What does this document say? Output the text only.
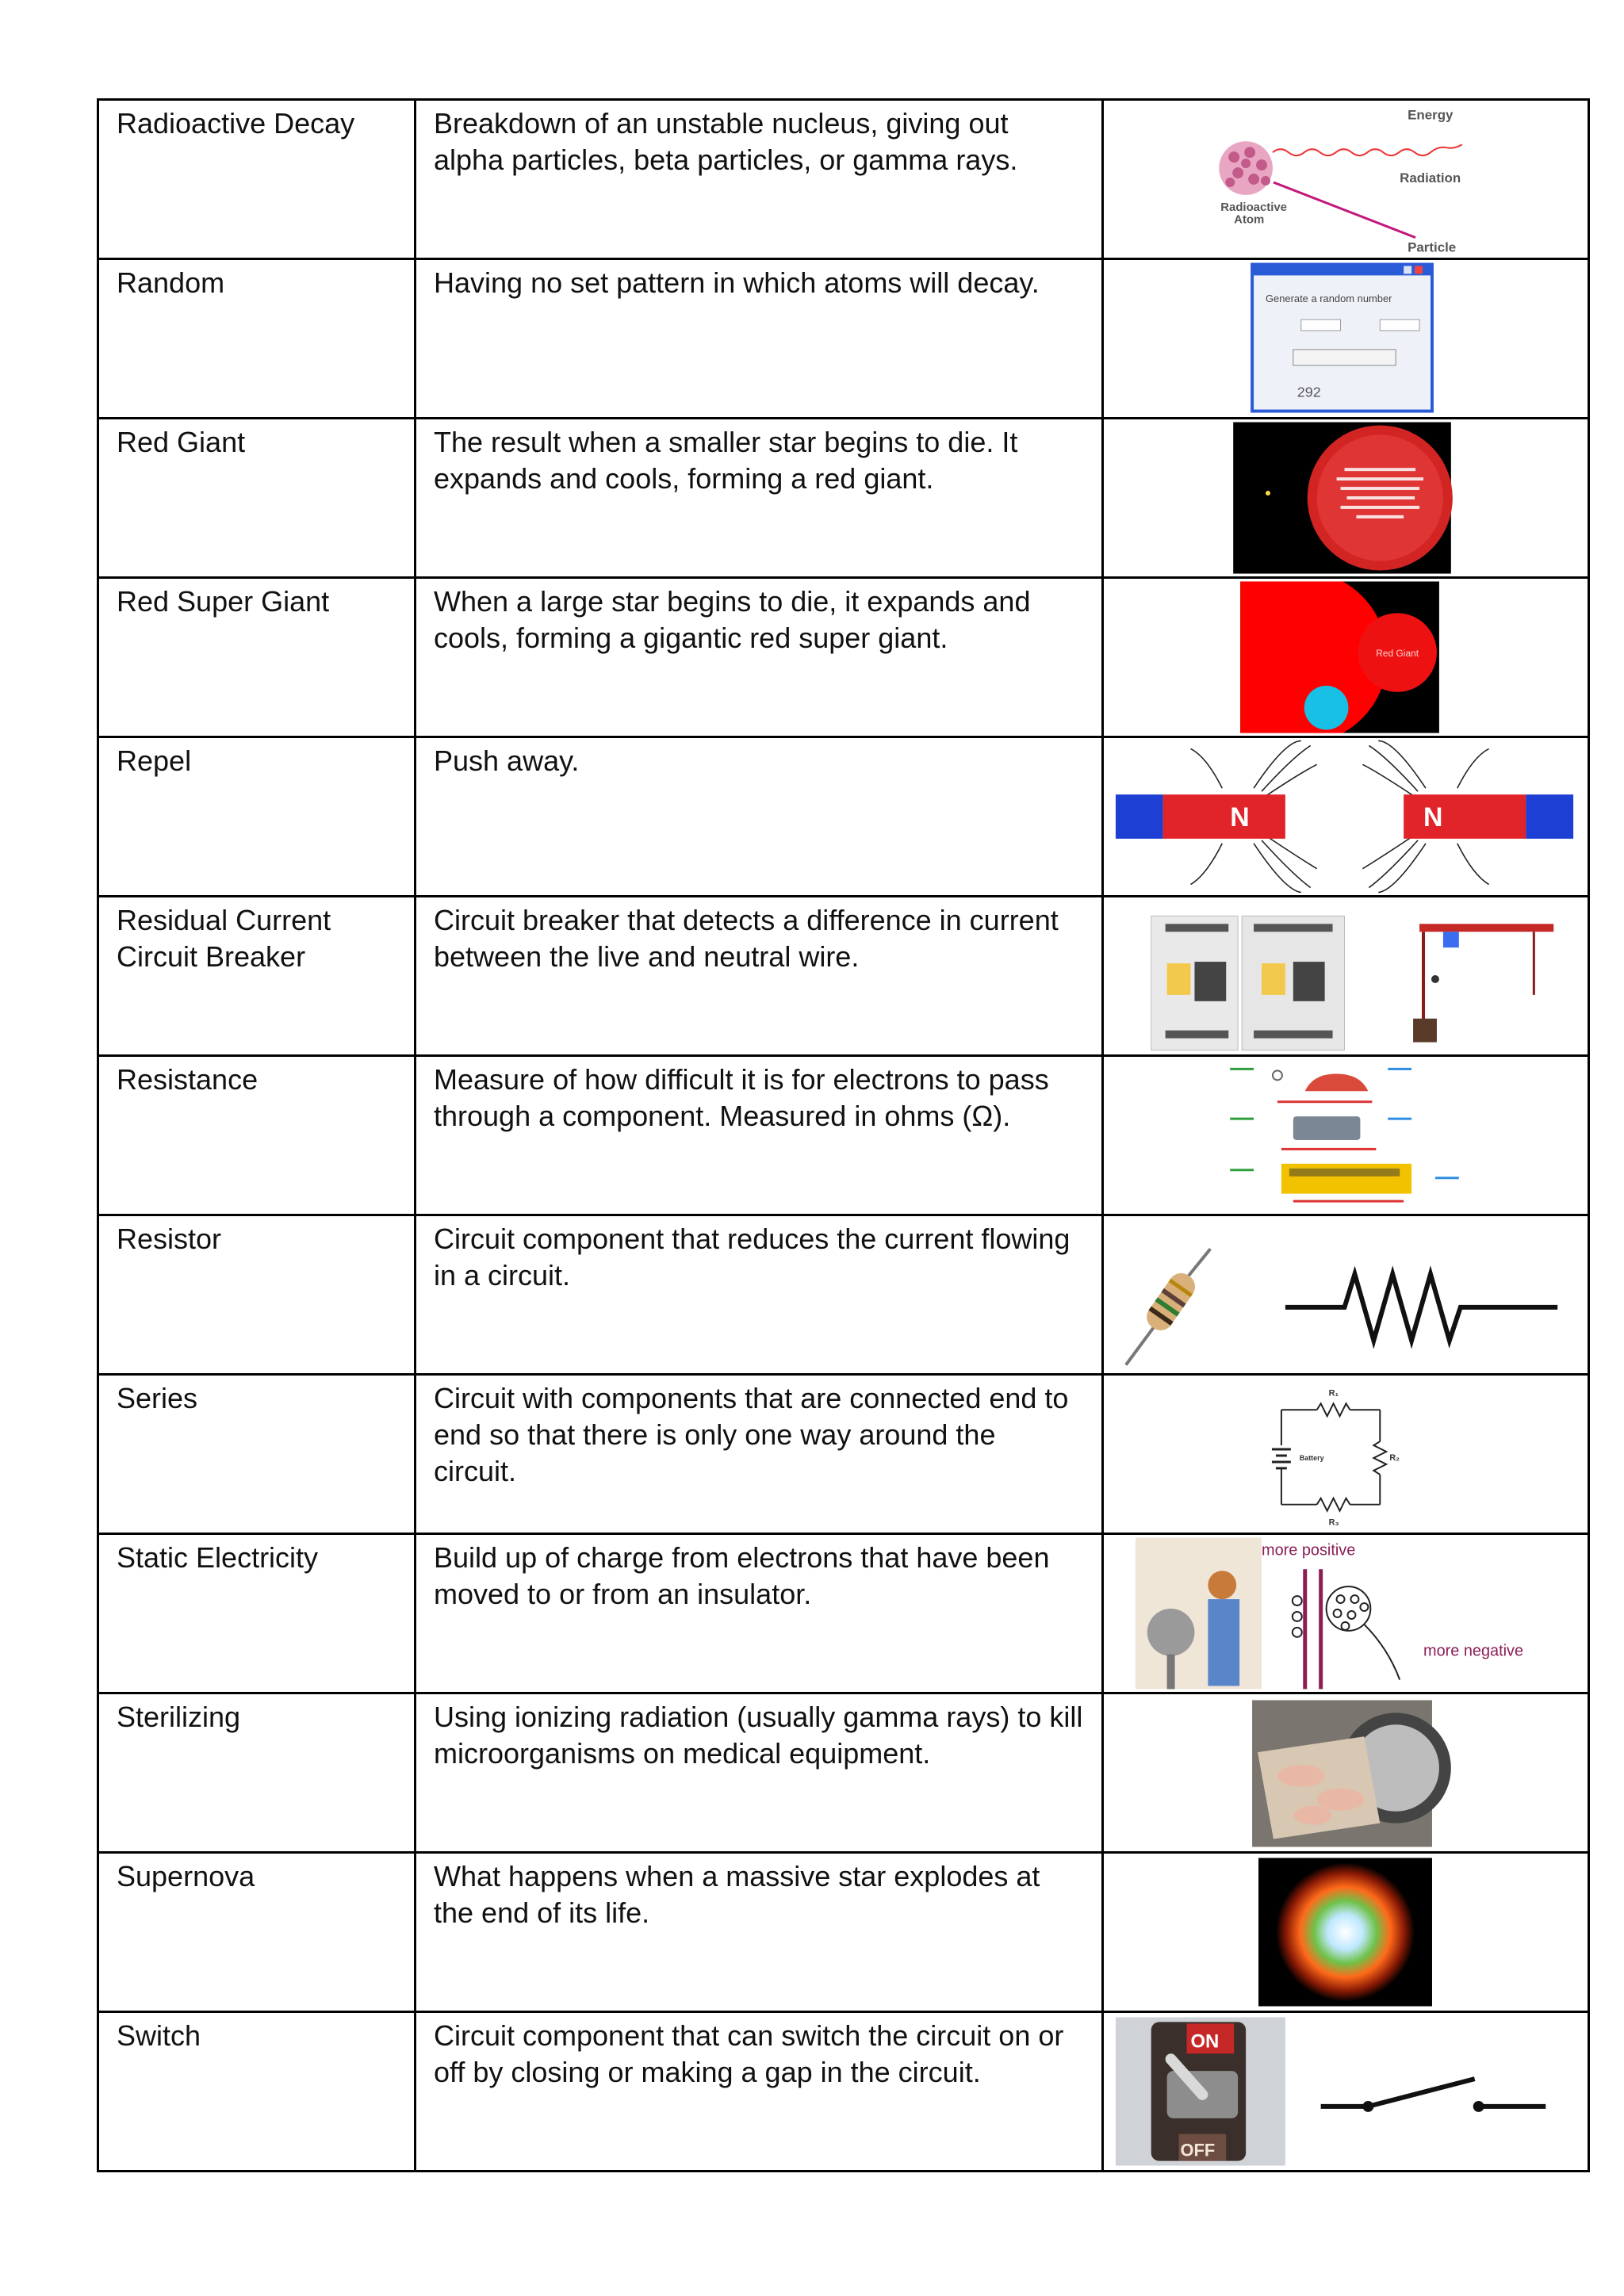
Radioactive Decay	Breakdown of an unstable nucleus, giving out alpha particles, beta particles, or gamma rays.	Energy
Radiation
Radioactive
Atom
Particle

Random	Having no set pattern in which atoms will decay.	Generate a random number
292

Red Giant	The result when a smaller star begins to die. It expands and cools, forming a red giant.	

Red Super Giant	When a large star begins to die, it expands and cools, forming a gigantic red super giant.	Red Giant

Repel	Push away.	N N

Residual Current Circuit Breaker	Circuit breaker that detects a difference in current between the live and neutral wire.	

Resistance	Measure of how difficult it is for electrons to pass through a component. Measured in ohms (Ω).	

Resistor	Circuit component that reduces the current flowing in a circuit.	

Series	Circuit with components that are connected end to end so that there is only one way around the circuit.	R₁
R₂
R₃
Battery

Static Electricity	Build up of charge from electrons that have been moved to or from an insulator.	more positive
more negative

Sterilizing	Using ionizing radiation (usually gamma rays) to kill microorganisms on medical equipment.	

Supernova	What happens when a massive star explodes at the end of its life.	

Switch	Circuit component that can switch the circuit on or off by closing or making a gap in the circuit.	ON
OFF
